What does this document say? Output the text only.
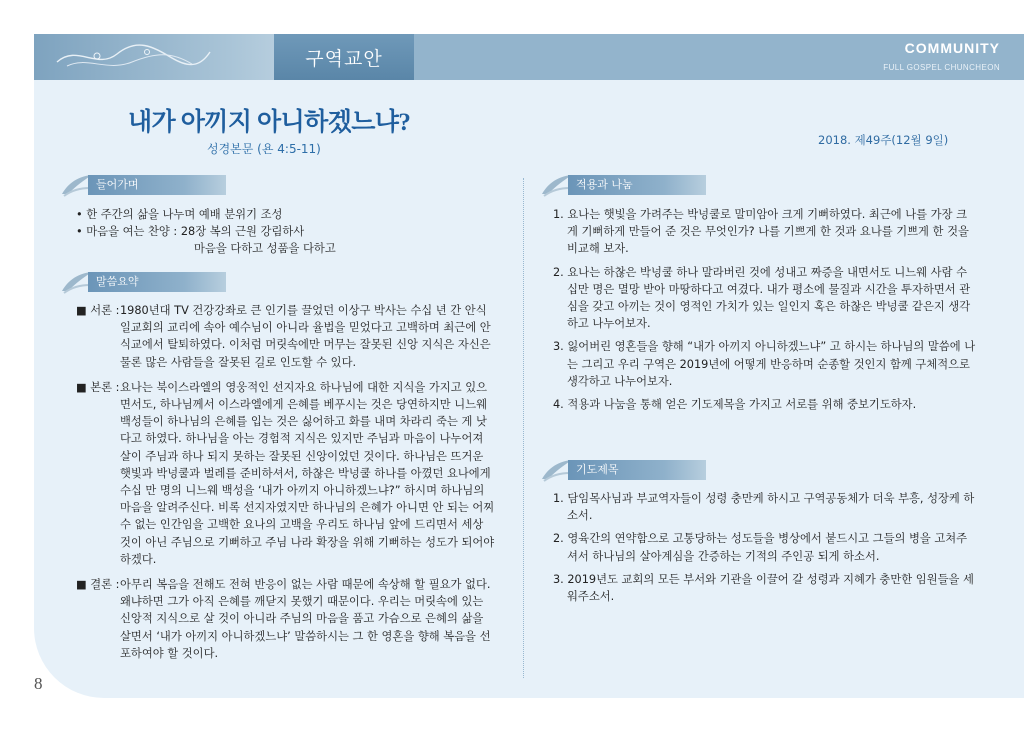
구역교안	COMMUNITY
FULL GOSPEL CHUNCHEON
내가 아끼지 아니하겠느냐?
성경본문 (욘 4:5-11)
2018. 제49주(12월 9일)
들어가며
• 한 주간의 삶을 나누며 예배 분위기 조성
• 마음을 여는 찬양 : 28장 복의 근원 강림하사
마음을 다하고 성품을 다하고
말씀요약
■ 서론 : 1980년대 TV 건강강좌로 큰 인기를 끌었던 이상구 박사는 수십 년 간 안식일교회의 교리에 속아 예수님이 아니라 율법을 믿었다고 고백하며 최근에 안식교에서 탈퇴하였다. 이처럼 머릿속에만 머무는 잘못된 신앙 지식은 자신은 물론 많은 사람들을 잘못된 길로 인도할 수 있다.
■ 본론 : 요나는 북이스라엘의 영웅적인 선지자요 하나님에 대한 지식을 가지고 있으면서도, 하나님께서 이스라엘에게 은혜를 베푸시는 것은 당연하지만 니느웨 백성들이 하나님의 은혜를 입는 것은 싫어하고 화를 내며 차라리 죽는 게 낫다고 하였다. 하나님을 아는 경험적 지식은 있지만 주님과 마음이 나누어져 살이 주님과 하나 되지 못하는 잘못된 신앙이었던 것이다. 하나님은 뜨거운 햇빛과 박넝쿨과 벌레를 준비하셔서, 하찮은 박넝쿨 하나를 아꼈던 요나에게 수십 만 명의 니느웨 백성을 ‘내가 아끼지 아니하겠느냐?” 하시며 하나님의 마음을 알려주신다. 비록 선지자였지만 하나님의 은혜가 아니면 안 되는 어찌 수 없는 인간임을 고백한 요나의 고백을 우리도 하나님 앞에 드리면서 세상 것이 아닌 주님으로 기뻐하고 주님 나라 확장을 위해 기뻐하는 성도가 되어야 하겠다.
■ 결론 : 아무리 복음을 전해도 전혀 반응이 없는 사람 때문에 속상해 할 필요가 없다. 왜냐하면 그가 아직 은혜를 깨닫지 못했기 때문이다. 우리는 머릿속에 있는 신앙적 지식으로 살 것이 아니라 주님의 마음을 품고 가슴으로 은혜의 삶을 살면서 ‘내가 아끼지 아니하겠느냐’ 말씀하시는 그 한 영혼을 향해 복음을 선포하여야 할 것이다.
적용과 나눔
1. 요나는 햇빛을 가려주는 박넝쿨로 말미암아 크게 기뻐하였다. 최근에 나를 가장 크게 기뻐하게 만들어 준 것은 무엇인가? 나를 기쁘게 한 것과 요나를 기쁘게 한 것을 비교해 보자.
2. 요나는 하찮은 박넝쿨 하나 말라버린 것에 성내고 짜증을 내면서도 니느웨 사람 수십만 명은 멸망 받아 마땅하다고 여겼다. 내가 평소에 물질과 시간을 투자하면서 관심을 갖고 아끼는 것이 영적인 가치가 있는 일인지 혹은 하찮은 박넝쿨 같은지 생각하고 나누어보자.
3. 잃어버린 영혼들을 향해 “내가 아끼지 아니하겠느냐” 고 하시는 하나님의 말씀에 나는 그리고 우리 구역은 2019년에 어떻게 반응하며 순종할 것인지 함께 구체적으로 생각하고 나누어보자.
4. 적용과 나눔을 통해 얻은 기도제목을 가지고 서로를 위해 중보기도하자.
기도제목
1. 담임목사님과 부교역자들이 성령 충만케 하시고 구역공동체가 더욱 부흥, 성장케 하소서.
2. 영육간의 연약함으로 고통당하는 성도들을 병상에서 붙드시고 그들의 병을 고쳐주셔서 하나님의 살아계심을 간증하는 기적의 주인공 되게 하소서.
3. 2019년도 교회의 모든 부서와 기관을 이끌어 갈 성령과 지혜가 충만한 임원들을 세워주소서.
8
